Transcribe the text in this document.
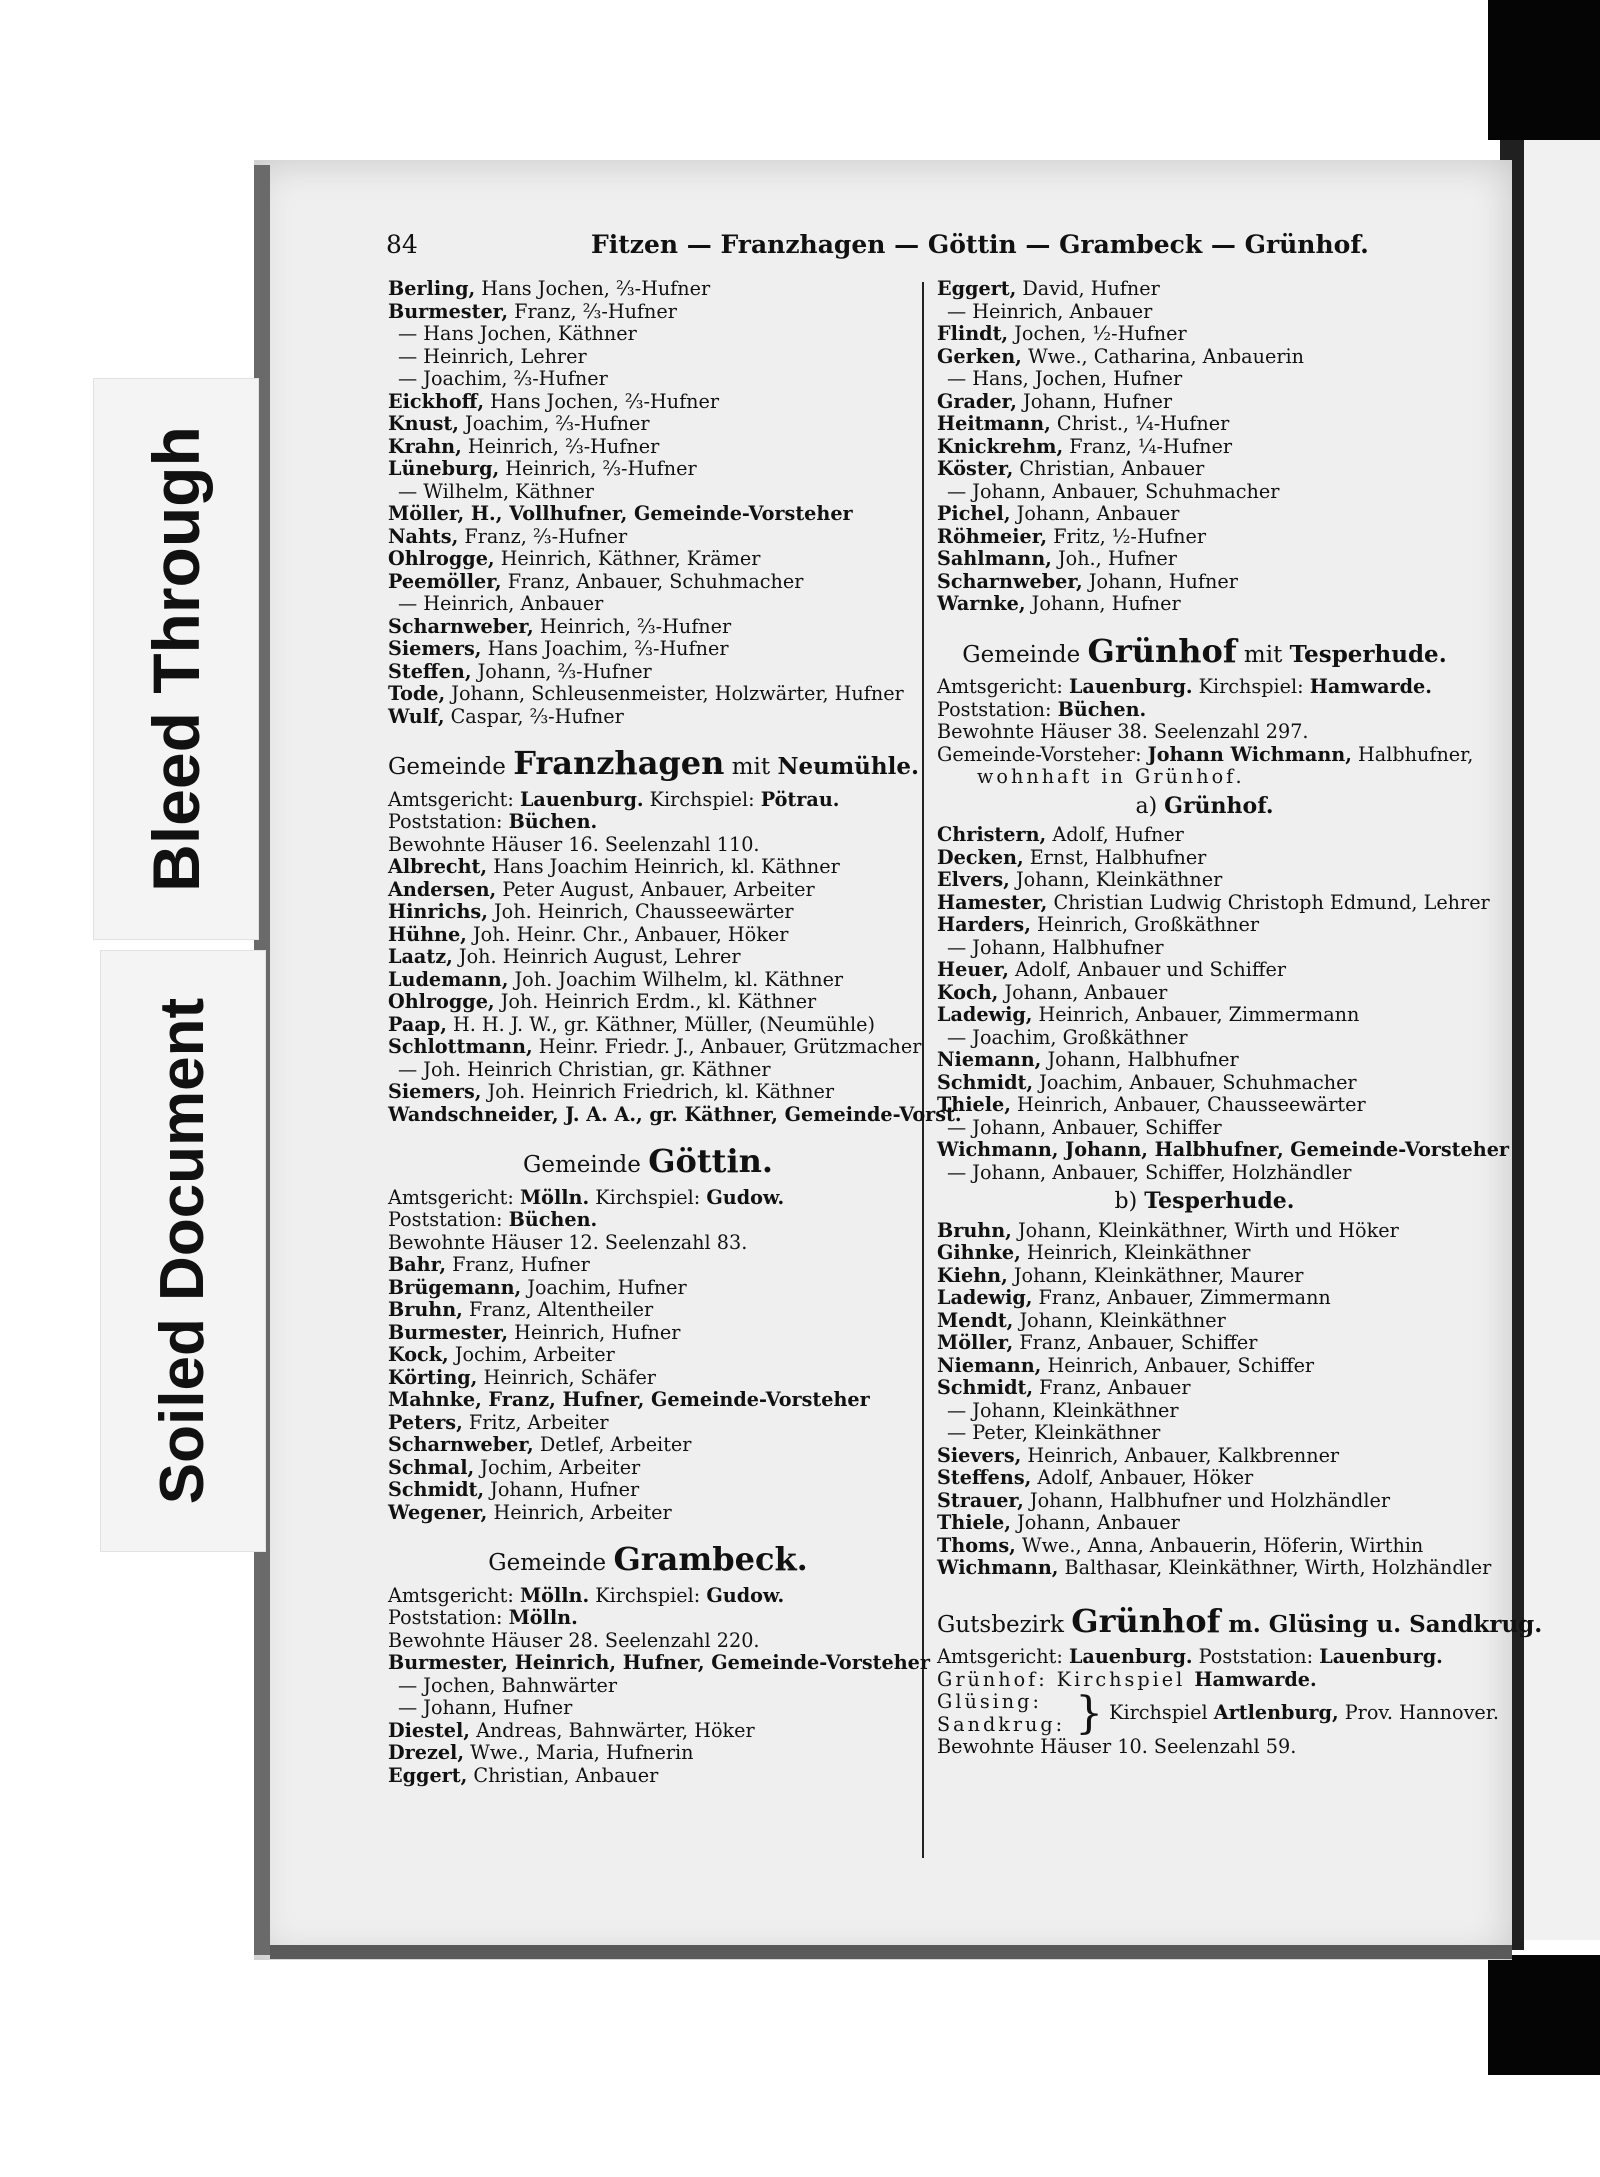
Bleed Through
Soiled Document
84	Fitzen — Franzhagen — Göttin — Grambeck — Grünhof.
Berling, Hans Jochen, ⅔-Hufner
Burmester, Franz, ⅔-Hufner
— Hans Jochen, Käthner
— Heinrich, Lehrer
— Joachim, ⅔-Hufner
Eickhoff, Hans Jochen, ⅔-Hufner
Knust, Joachim, ⅔-Hufner
Krahn, Heinrich, ⅔-Hufner
Lüneburg, Heinrich, ⅔-Hufner
— Wilhelm, Käthner
Möller, H., Vollhufner, Gemeinde-Vorsteher
Nahts, Franz, ⅔-Hufner
Ohlrogge, Heinrich, Käthner, Krämer
Peemöller, Franz, Anbauer, Schuhmacher
— Heinrich, Anbauer
Scharnweber, Heinrich, ⅔-Hufner
Siemers, Hans Joachim, ⅔-Hufner
Steffen, Johann, ⅔-Hufner
Tode, Johann, Schleusenmeister, Holzwärter, Hufner
Wulf, Caspar, ⅔-Hufner
Gemeinde Franzhagen mit Neumühle.
Amtsgericht: Lauenburg. Kirchspiel: Pötrau.
Poststation: Büchen.
Bewohnte Häuser 16. Seelenzahl 110.
Albrecht, Hans Joachim Heinrich, kl. Käthner
Andersen, Peter August, Anbauer, Arbeiter
Hinrichs, Joh. Heinrich, Chausseewärter
Hühne, Joh. Heinr. Chr., Anbauer, Höker
Laatz, Joh. Heinrich August, Lehrer
Ludemann, Joh. Joachim Wilhelm, kl. Käthner
Ohlrogge, Joh. Heinrich Erdm., kl. Käthner
Paap, H. H. J. W., gr. Käthner, Müller, (Neumühle)
Schlottmann, Heinr. Friedr. J., Anbauer, Grützmacher
— Joh. Heinrich Christian, gr. Käthner
Siemers, Joh. Heinrich Friedrich, kl. Käthner
Wandschneider, J. A. A., gr. Käthner, Gemeinde-Vorst.
Gemeinde Göttin.
Amtsgericht: Mölln. Kirchspiel: Gudow.
Poststation: Büchen.
Bewohnte Häuser 12. Seelenzahl 83.
Bahr, Franz, Hufner
Brügemann, Joachim, Hufner
Bruhn, Franz, Altentheiler
Burmester, Heinrich, Hufner
Kock, Jochim, Arbeiter
Körting, Heinrich, Schäfer
Mahnke, Franz, Hufner, Gemeinde-Vorsteher
Peters, Fritz, Arbeiter
Scharnweber, Detlef, Arbeiter
Schmal, Jochim, Arbeiter
Schmidt, Johann, Hufner
Wegener, Heinrich, Arbeiter
Gemeinde Grambeck.
Amtsgericht: Mölln. Kirchspiel: Gudow.
Poststation: Mölln.
Bewohnte Häuser 28. Seelenzahl 220.
Burmester, Heinrich, Hufner, Gemeinde-Vorsteher
— Jochen, Bahnwärter
— Johann, Hufner
Diestel, Andreas, Bahnwärter, Höker
Drezel, Wwe., Maria, Hufnerin
Eggert, Christian, Anbauer
Eggert, David, Hufner
— Heinrich, Anbauer
Flindt, Jochen, ½-Hufner
Gerken, Wwe., Catharina, Anbauerin
— Hans, Jochen, Hufner
Grader, Johann, Hufner
Heitmann, Christ., ¼-Hufner
Knickrehm, Franz, ¼-Hufner
Köster, Christian, Anbauer
— Johann, Anbauer, Schuhmacher
Pichel, Johann, Anbauer
Röhmeier, Fritz, ½-Hufner
Sahlmann, Joh., Hufner
Scharnweber, Johann, Hufner
Warnke, Johann, Hufner
Gemeinde Grünhof mit Tesperhude.
Amtsgericht: Lauenburg. Kirchspiel: Hamwarde.
Poststation: Büchen.
Bewohnte Häuser 38. Seelenzahl 297.
Gemeinde-Vorsteher: Johann Wichmann, Halbhufner,
wohnhaft in Grünhof.
a) Grünhof.
Christern, Adolf, Hufner
Decken, Ernst, Halbhufner
Elvers, Johann, Kleinkäthner
Hamester, Christian Ludwig Christoph Edmund, Lehrer
Harders, Heinrich, Großkäthner
— Johann, Halbhufner
Heuer, Adolf, Anbauer und Schiffer
Koch, Johann, Anbauer
Ladewig, Heinrich, Anbauer, Zimmermann
— Joachim, Großkäthner
Niemann, Johann, Halbhufner
Schmidt, Joachim, Anbauer, Schuhmacher
Thiele, Heinrich, Anbauer, Chausseewärter
— Johann, Anbauer, Schiffer
Wichmann, Johann, Halbhufner, Gemeinde-Vorsteher
— Johann, Anbauer, Schiffer, Holzhändler
b) Tesperhude.
Bruhn, Johann, Kleinkäthner, Wirth und Höker
Gihnke, Heinrich, Kleinkäthner
Kiehn, Johann, Kleinkäthner, Maurer
Ladewig, Franz, Anbauer, Zimmermann
Mendt, Johann, Kleinkäthner
Möller, Franz, Anbauer, Schiffer
Niemann, Heinrich, Anbauer, Schiffer
Schmidt, Franz, Anbauer
— Johann, Kleinkäthner
— Peter, Kleinkäthner
Sievers, Heinrich, Anbauer, Kalkbrenner
Steffens, Adolf, Anbauer, Höker
Strauer, Johann, Halbhufner und Holzhändler
Thiele, Johann, Anbauer
Thoms, Wwe., Anna, Anbauerin, Höferin, Wirthin
Wichmann, Balthasar, Kleinkäthner, Wirth, Holzhändler
Gutsbezirk Grünhof m. Glüsing u. Sandkrug.
Amtsgericht: Lauenburg. Poststation: Lauenburg.
Grünhof: Kirchspiel Hamwarde.
Glüsing:
Sandkrug: } Kirchspiel Artlenburg, Prov. Hannover.
Bewohnte Häuser 10. Seelenzahl 59.
